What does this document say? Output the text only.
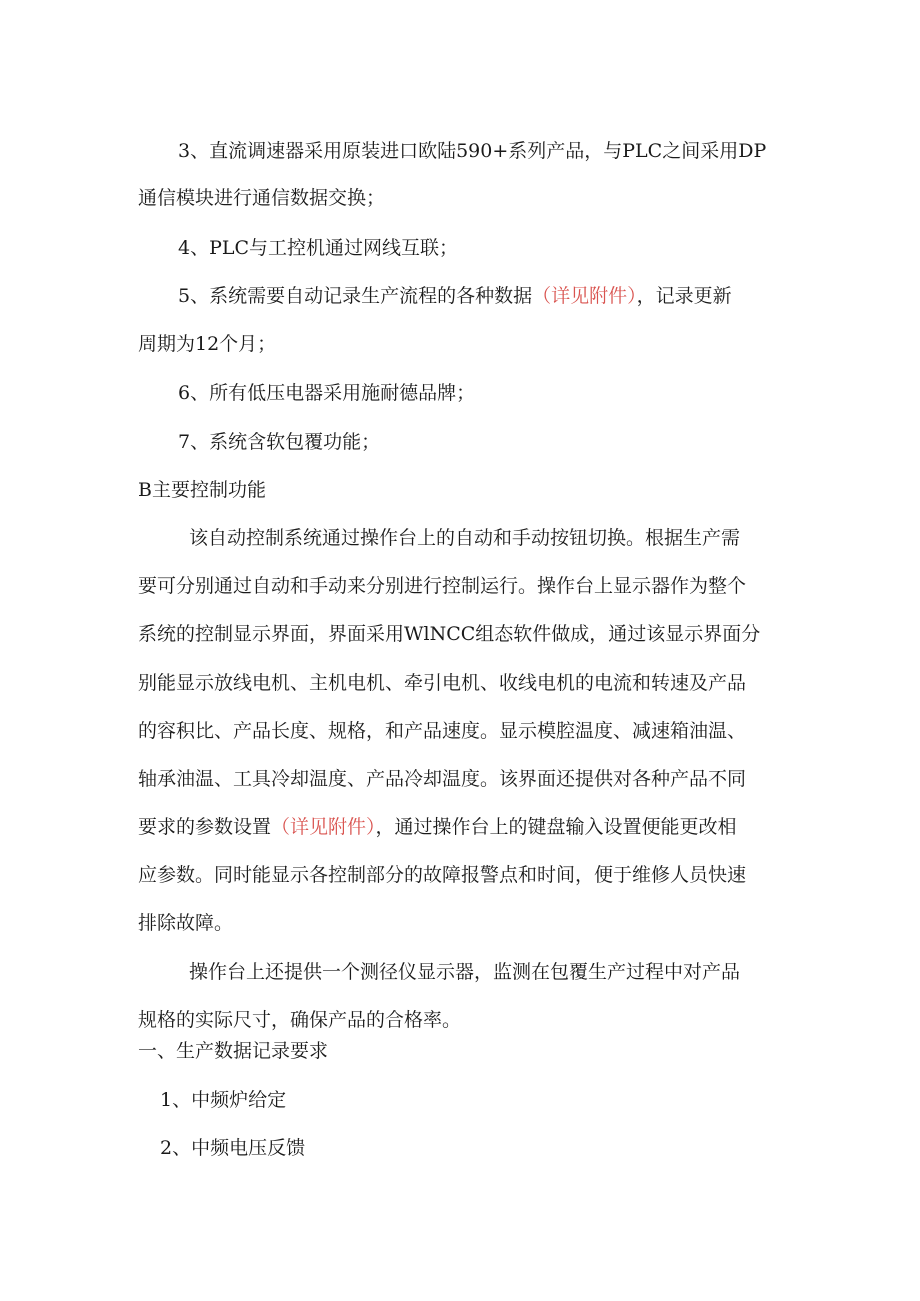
3、直流调速器采用原装进口欧陆590+系列产品，与PLC之间采用DP

通信模块进行通信数据交换；

4、PLC与工控机通过网线互联；

5、系统需要自动记录生产流程的各种数据（详见附件），记录更新

周期为12个月；

6、所有低压电器采用施耐德品牌；

7、系统含软包覆功能；

B主要控制功能

该自动控制系统通过操作台上的自动和手动按钮切换。根据生产需

要可分别通过自动和手动来分别进行控制运行。操作台上显示器作为整个

系统的控制显示界面，界面采用WlNCC组态软件做成，通过该显示界面分

别能显示放线电机、主机电机、牵引电机、收线电机的电流和转速及产品

的容积比、产品长度、规格，和产品速度。显示模腔温度、减速箱油温、

轴承油温、工具冷却温度、产品冷却温度。该界面还提供对各种产品不同

要求的参数设置（详见附件），通过操作台上的键盘输入设置便能更改相

应参数。同时能显示各控制部分的故障报警点和时间，便于维修人员快速

排除故障。

操作台上还提供一个测径仪显示器，监测在包覆生产过程中对产品

规格的实际尺寸，确保产品的合格率。

一、生产数据记录要求

1、中频炉给定

2、中频电压反馈
